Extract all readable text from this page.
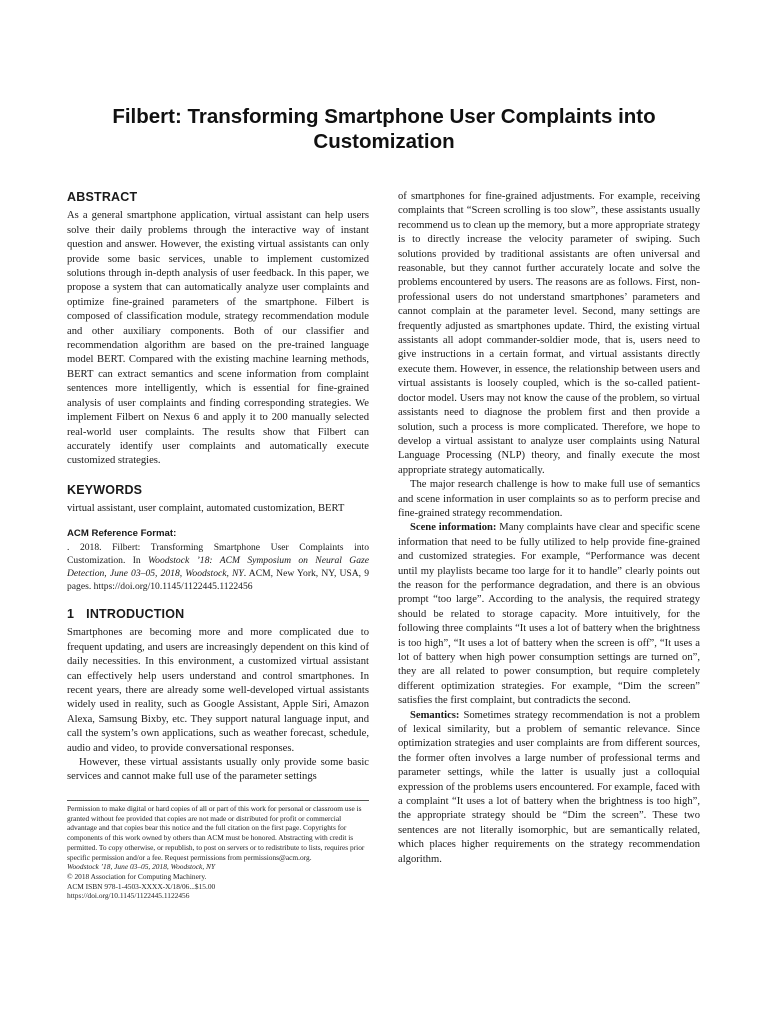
Filbert: Transforming Smartphone User Complaints into Customization
ABSTRACT

As a general smartphone application, virtual assistant can help users solve their daily problems through the interactive way of instant question and answer. However, the existing virtual assistants can only provide some basic services, unable to implement customized solutions through in-depth analysis of user feedback. In this paper, we propose a system that can automatically analyze user complaints and optimize fine-grained parameters of the smartphone. Filbert is composed of classification module, strategy recommendation module and other auxiliary components. Both of our classifier and recommendation algorithm are based on the pre-trained language model BERT. Compared with the existing machine learning methods, BERT can extract semantics and scene information from complaint sentences more intelligently, which is essential for fine-grained analysis of user complaints and finding corresponding strategies. We implement Filbert on Nexus 6 and apply it to 200 manually selected real-world user complaints. The results show that Filbert can accurately identify user complaints and automatically execute customized strategies.

KEYWORDS

virtual assistant, user complaint, automated customization, BERT

ACM Reference Format:

. 2018. Filbert: Transforming Smartphone User Complaints into Customization. In Woodstock ’18: ACM Symposium on Neural Gaze Detection, June 03–05, 2018, Woodstock, NY. ACM, New York, NY, USA, 9 pages. https://doi.org/10.1145/1122445.1122456

1 INTRODUCTION

Smartphones are becoming more and more complicated due to frequent updating, and users are increasingly dependent on this kind of daily necessities. In this environment, a customized virtual assistant can effectively help users understand and control smartphones. In recent years, there are already some well-developed virtual assistants widely used in reality, such as Google Assistant, Apple Siri, Amazon Alexa, Samsung Bixby, etc. They support natural language input, and call the system’s own applications, such as weather forecast, schedule, audio and video, to provide conversational responses.

However, these virtual assistants usually only provide some basic services and cannot make full use of the parameter settings

Permission to make digital or hard copies of all or part of this work for personal or classroom use is granted without fee provided that copies are not made or distributed for profit or commercial advantage and that copies bear this notice and the full citation on the first page. Copyrights for components of this work owned by others than ACM must be honored. Abstracting with credit is permitted. To copy otherwise, or republish, to post on servers or to redistribute to lists, requires prior specific permission and/or a fee. Request permissions from permissions@acm.org.

Woodstock ’18, June 03–05, 2018, Woodstock, NY

© 2018 Association for Computing Machinery.

ACM ISBN 978-1-4503-XXXX-X/18/06...$15.00

https://doi.org/10.1145/1122445.1122456

of smartphones for fine-grained adjustments. For example, receiving complaints that “Screen scrolling is too slow”, these assistants usually recommend us to clean up the memory, but a more appropriate strategy is to directly increase the velocity parameter of swiping. Such solutions provided by traditional assistants are often universal and reasonable, but they cannot further accurately locate and solve the problems encountered by users. The reasons are as follows. First, non-professional users do not understand smartphones’ parameters and cannot complain at the parameter level. Second, many settings are frequently adjusted as smartphones update. Third, the existing virtual assistants all adopt commander-soldier mode, that is, users need to give instructions in a certain format, and virtual assistants directly execute them. However, in essence, the relationship between users and virtual assistants is loosely coupled, which is the so-called patient-doctor model. Users may not know the cause of the problem, so virtual assistants need to diagnose the problem first and then provide a solution, such a process is more complicated. Therefore, we hope to develop a virtual assistant to analyze user complaints using Natural Language Processing (NLP) theory, and finally execute the most appropriate strategy automatically.

The major research challenge is how to make full use of semantics and scene information in user complaints so as to perform precise and fine-grained strategy recommendation.

Scene information: Many complaints have clear and specific scene information that need to be fully utilized to help provide fine-grained and customized strategies. For example, “Performance was decent until my playlists became too large for it to handle” clearly points out the reason for the performance degradation, and there is an obvious prompt “too large”. According to the analysis, the required strategy should be related to storage capacity. More intuitively, for the following three complaints “It uses a lot of battery when the brightness is too high”, “It uses a lot of battery when the screen is off”, “It uses a lot of battery when high power consumption settings are turned on”, they are all related to power consumption, but require completely different optimization strategies. For example, “Dim the screen” satisfies the first complaint, but contradicts the second.

Semantics: Sometimes strategy recommendation is not a problem of lexical similarity, but a problem of semantic relevance. Since optimization strategies and user complaints are from different sources, the former often involves a large number of professional terms and parameter settings, while the latter is usually just a colloquial expression of the problems users encountered. For example, faced with a complaint “It uses a lot of battery when the brightness is too high”, the appropriate strategy should be “Dim the screen”. These two sentences are not literally isomorphic, but are semantically related, which places higher requirements on the strategy recommendation algorithm.
